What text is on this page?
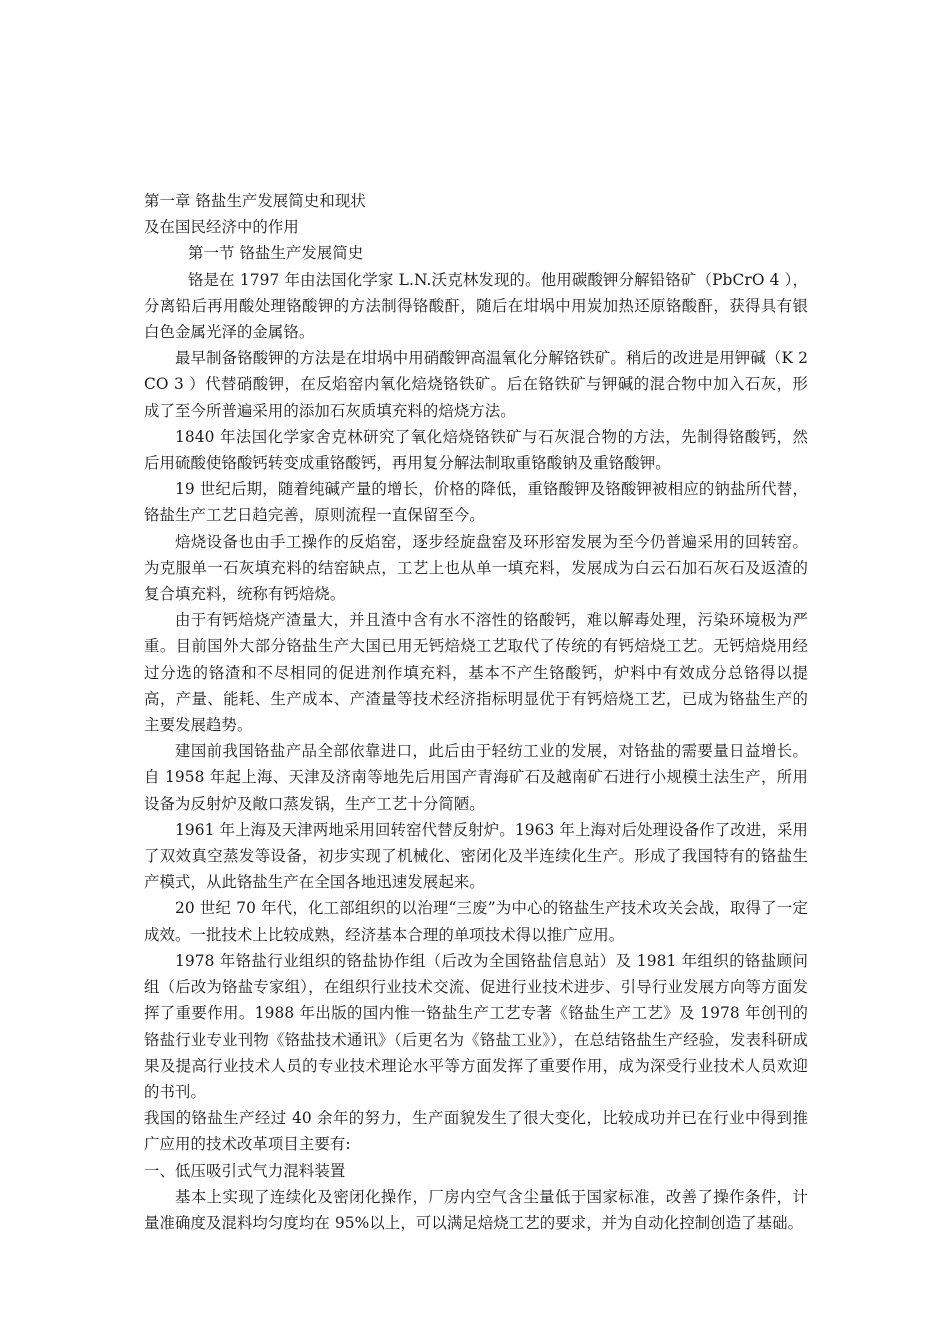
第一章 铬盐生产发展简史和现状
及在国民经济中的作用
第一节 铬盐生产发展简史

铬是在 1797 年由法国化学家 L.N.沃克林发现的。他用碳酸钾分解铅铬矿（PbCrO 4 ），分离铅后再用酸处理铬酸钾的方法制得铬酸酐，随后在坩埚中用炭加热还原铬酸酐，获得具有银白色金属光泽的金属铬。

最早制备铬酸钾的方法是在坩埚中用硝酸钾高温氧化分解铬铁矿。稍后的改进是用钾碱（K 2 CO 3 ）代替硝酸钾，在反焰窑内氧化焙烧铬铁矿。后在铬铁矿与钾碱的混合物中加入石灰，形成了至今所普遍采用的添加石灰质填充料的焙烧方法。

1840 年法国化学家舍克林研究了氧化焙烧铬铁矿与石灰混合物的方法，先制得铬酸钙，然后用硫酸使铬酸钙转变成重铬酸钙，再用复分解法制取重铬酸钠及重铬酸钾。

19 世纪后期，随着纯碱产量的增长，价格的降低，重铬酸钾及铬酸钾被相应的钠盐所代替，铬盐生产工艺日趋完善，原则流程一直保留至今。

焙烧设备也由手工操作的反焰窑，逐步经旋盘窑及环形窑发展为至今仍普遍采用的回转窑。为克服单一石灰填充料的结窑缺点，工艺上也从单一填充料，发展成为白云石加石灰石及返渣的复合填充料，统称有钙焙烧。

由于有钙焙烧产渣量大，并且渣中含有水不溶性的铬酸钙，难以解毒处理，污染环境极为严重。目前国外大部分铬盐生产大国已用无钙焙烧工艺取代了传统的有钙焙烧工艺。无钙焙烧用经过分选的铬渣和不尽相同的促进剂作填充料，基本不产生铬酸钙，炉料中有效成分总铬得以提高，产量、能耗、生产成本、产渣量等技术经济指标明显优于有钙焙烧工艺，已成为铬盐生产的主要发展趋势。

建国前我国铬盐产品全部依靠进口，此后由于轻纺工业的发展，对铬盐的需要量日益增长。自 1958 年起上海、天津及济南等地先后用国产青海矿石及越南矿石进行小规模土法生产，所用设备为反射炉及敞口蒸发锅，生产工艺十分简陋。

1961 年上海及天津两地采用回转窑代替反射炉。1963 年上海对后处理设备作了改进，采用了双效真空蒸发等设备，初步实现了机械化、密闭化及半连续化生产。形成了我国特有的铬盐生产模式，从此铬盐生产在全国各地迅速发展起来。

20 世纪 70 年代，化工部组织的以治理“三废”为中心的铬盐生产技术攻关会战，取得了一定成效。一批技术上比较成熟，经济基本合理的单项技术得以推广应用。

1978 年铬盐行业组织的铬盐协作组（后改为全国铬盐信息站）及 1981 年组织的铬盐顾问组（后改为铬盐专家组），在组织行业技术交流、促进行业技术进步、引导行业发展方向等方面发挥了重要作用。1988 年出版的国内惟一铬盐生产工艺专著《铬盐生产工艺》及 1978 年创刊的铬盐行业专业刊物《铬盐技术通讯》（后更名为《铬盐工业》），在总结铬盐生产经验，发表科研成果及提高行业技术人员的专业技术理论水平等方面发挥了重要作用，成为深受行业技术人员欢迎的书刊。

我国的铬盐生产经过 40 余年的努力，生产面貌发生了很大变化，比较成功并已在行业中得到推广应用的技术改革项目主要有:

一、低压吸引式气力混料装置

基本上实现了连续化及密闭化操作，厂房内空气含尘量低于国家标准，改善了操作条件，计量准确度及混料均匀度均在 95%以上，可以满足焙烧工艺的要求，并为自动化控制创造了基础。
